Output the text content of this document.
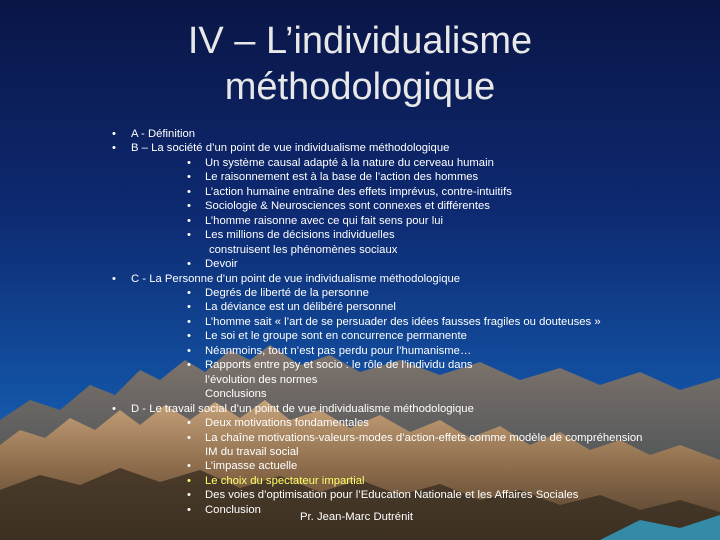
IV – L’individualisme
méthodologique
•	A - Définition
•	B – La société d’un point de vue individualisme méthodologique
•	Un système causal adapté à la nature du cerveau humain
•	Le raisonnement est à la base de l’action des hommes
•	L’action humaine entraîne des effets imprévus, contre-intuitifs
•	Sociologie & Neurosciences sont connexes et différentes
•	L’homme raisonne avec ce qui fait sens pour lui
•	Les millions de décisions individuelles
construisent les phénomènes sociaux
•	Devoir
•	C - La Personne d’un point de vue individualisme méthodologique
•	Degrés de liberté de la personne
•	La déviance est un délibéré personnel
•	L’homme sait « l’art de se persuader des idées fausses fragiles ou douteuses »
•	Le soi et le groupe sont en concurrence permanente
•	Néanmoins, tout n’est pas perdu pour l’humanisme…
•	Rapports entre psy et socio : le rôle de l’individu dans
l’évolution des normes
Conclusions
•	D - Le travail social d’un point de vue individualisme méthodologique
•	Deux motivations fondamentales
•	La chaîne motivations-valeurs-modes d’action-effets comme modèle de compréhension
IM du travail social
•	L’impasse actuelle
•	Le choix du spectateur impartial
•	Des voies d’optimisation pour l’Education Nationale et les Affaires Sociales
•	Conclusion
Pr. Jean-Marc Dutrénit
